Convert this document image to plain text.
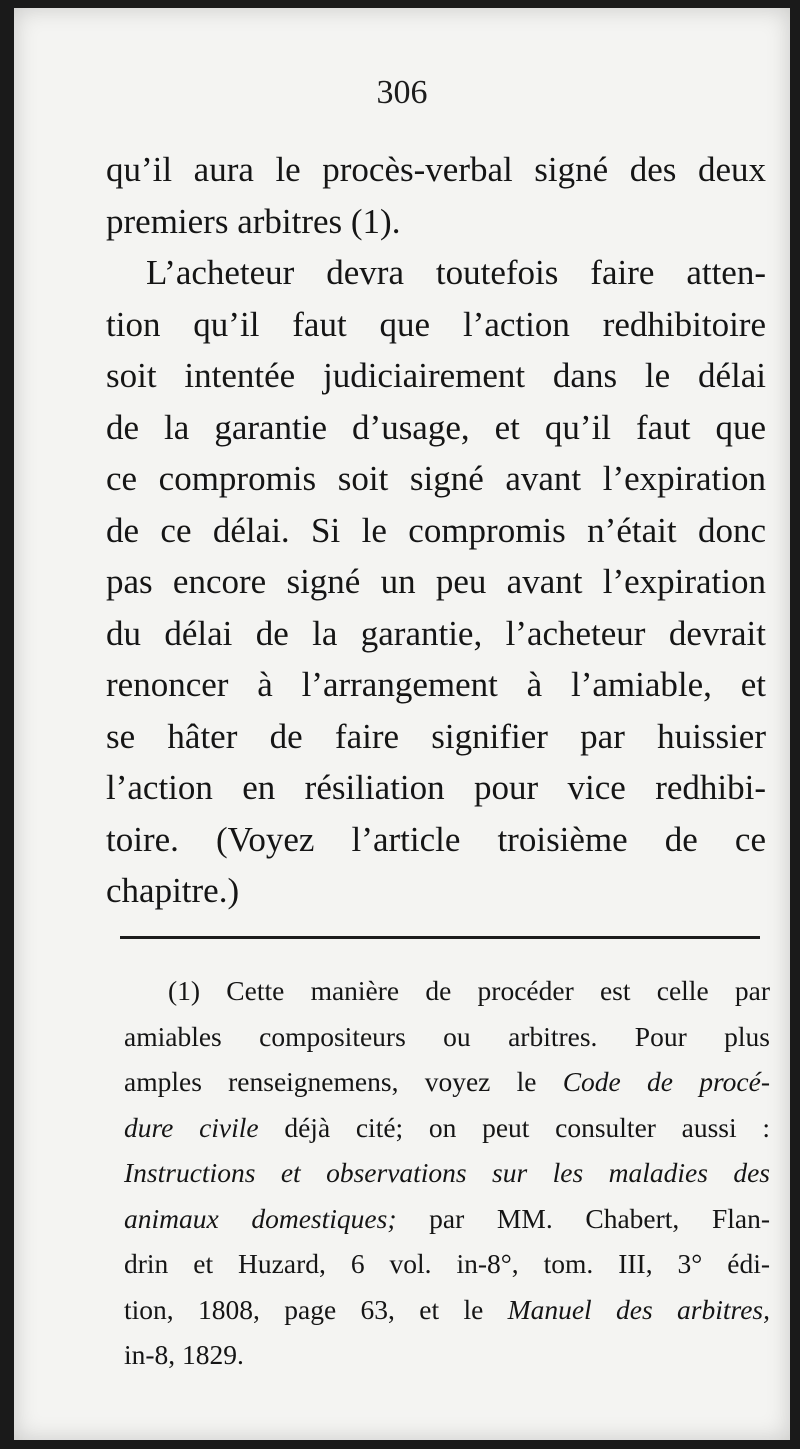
306
qu’il aura le procès-verbal signé des deux
premiers arbitres (1).
L’acheteur devra toutefois faire atten-
tion qu’il faut que l’action redhibitoire
soit intentée judiciairement dans le délai
de la garantie d’usage, et qu’il faut que
ce compromis soit signé avant l’expiration
de ce délai. Si le compromis n’était donc
pas encore signé un peu avant l’expiration
du délai de la garantie, l’acheteur devrait
renoncer à l’arrangement à l’amiable, et
se hâter de faire signifier par huissier
l’action en résiliation pour vice redhibi-
toire. (Voyez l’article troisième de ce
chapitre.)
(1) Cette manière de procéder est celle par
amiables compositeurs ou arbitres. Pour plus
amples renseignemens, voyez le Code de procé-
dure civile déjà cité; on peut consulter aussi :
Instructions et observations sur les maladies des
animaux domestiques; par MM. Chabert, Flan-
drin et Huzard, 6 vol. in-8°, tom. III, 3° édi-
tion, 1808, page 63, et le Manuel des arbitres,
in-8, 1829.
